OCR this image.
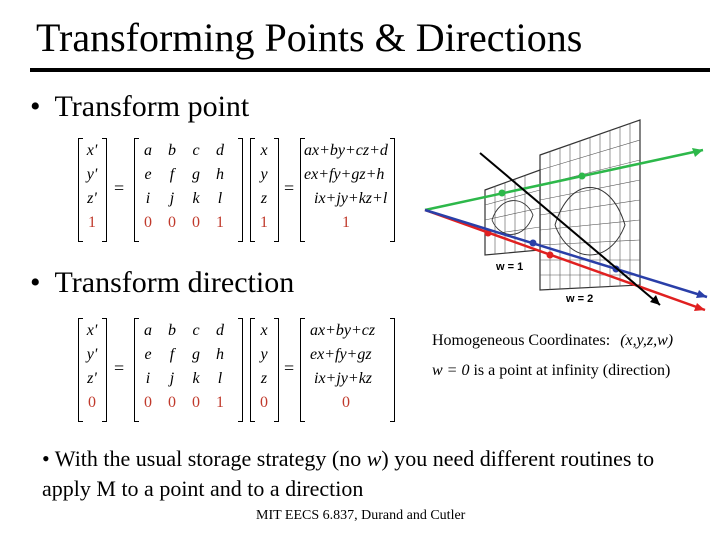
Transforming Points & Directions
• Transform point
x'
y'
z'
1
=
a	b	c	d
e	f	g	h
i	j	k	l
0	0	0	1
x
y
z
1
=
ax+by+cz+d
ex+fy+gz+h
ix+jy+kz+l
1
• Transform direction
x'
y'
z'
0
=
a	b	c	d
e	f	g	h
i	j	k	l
0	0	0	1
x
y
z
0
=
ax+by+cz
ex+fy+gz
ix+jy+kz
0
w = 1
w = 2
Homogeneous Coordinates: (x,y,z,w)
w = 0 is a point at infinity (direction)
• With the usual storage strategy (no w) you need different routines to apply M to a point and to a direction
MIT EECS 6.837, Durand and Cutler
